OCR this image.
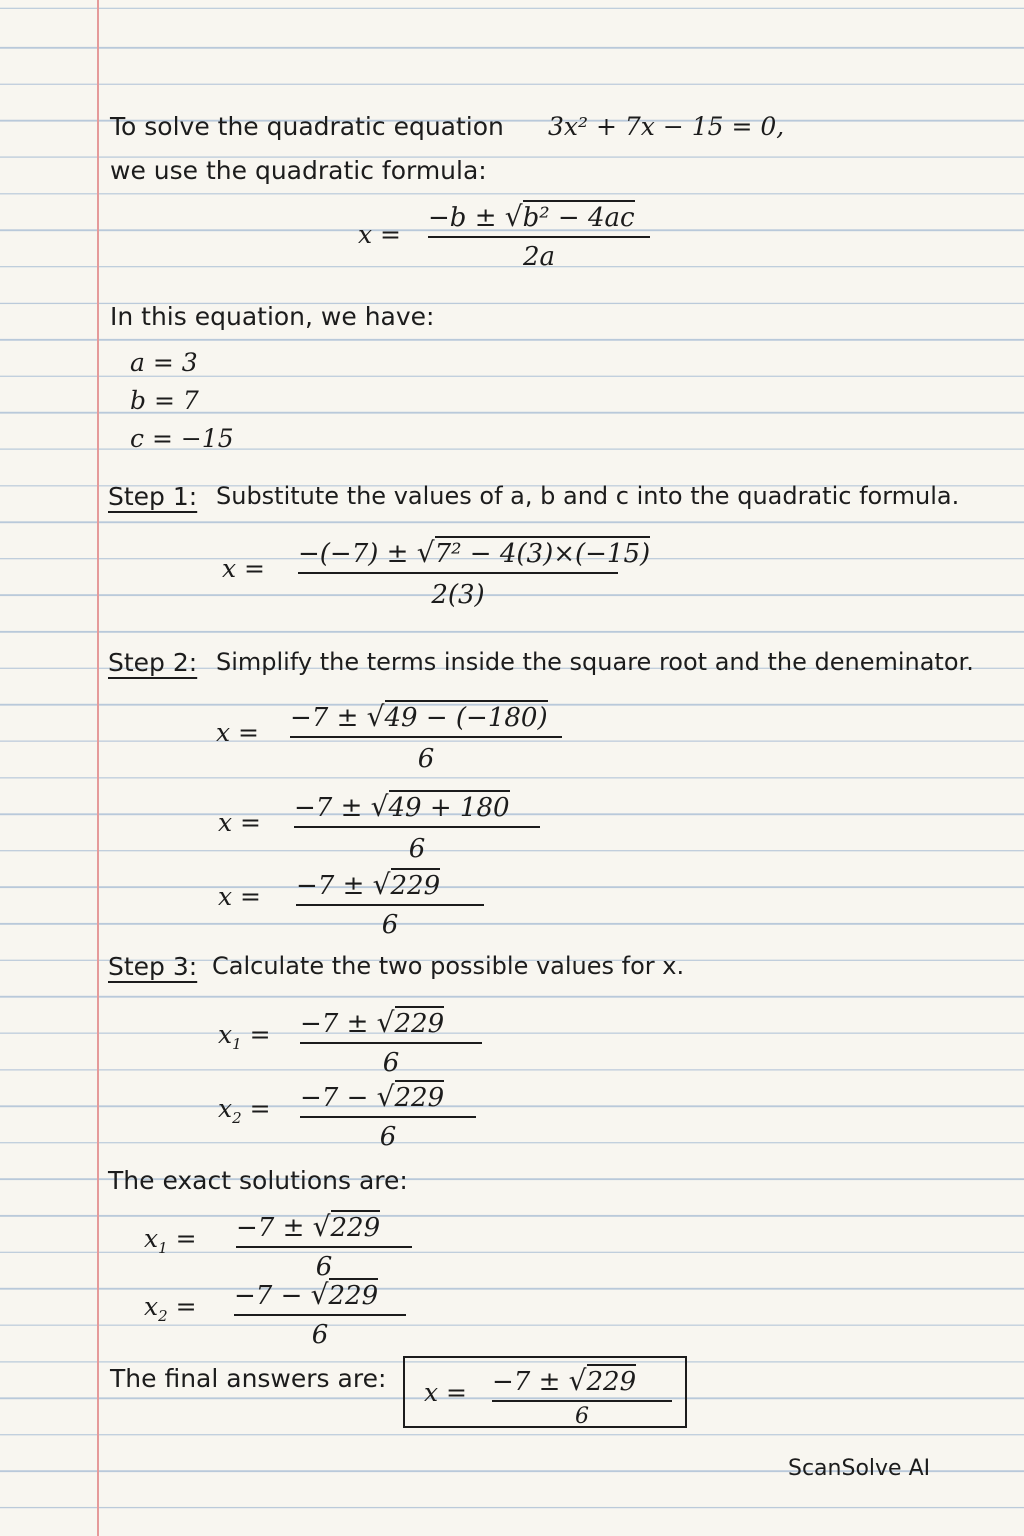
To solve the quadratic equation 3x² + 7x − 15 = 0,
we use the quadratic formula:
x =
−b ± √b² − 4ac
2a
In this equation, we have:
a = 3
b = 7
c = −15
Step 1: Substitute the values of a, b and c into the quadratic formula.
x = −(−7) ± √7² − 4(3)×(−15)
2(3)
Step 2: Simplify the terms inside the square root and the deneminator.
x = −7 ± √49 − (−180)
6
x = −7 ± √49 + 180
6
x = −7 ± √229
6
Step 3: Calculate the two possible values for x.
$x_1 = -7 \pm √229$
6
$x_2 = -7 - √229$
6
The exact solutions are:
$x_1 = -7 \pm √229$
6
$x_2 = -7 - √229$
6
The final answers are: x = −7 ± √229
6
ScanSolve AI
